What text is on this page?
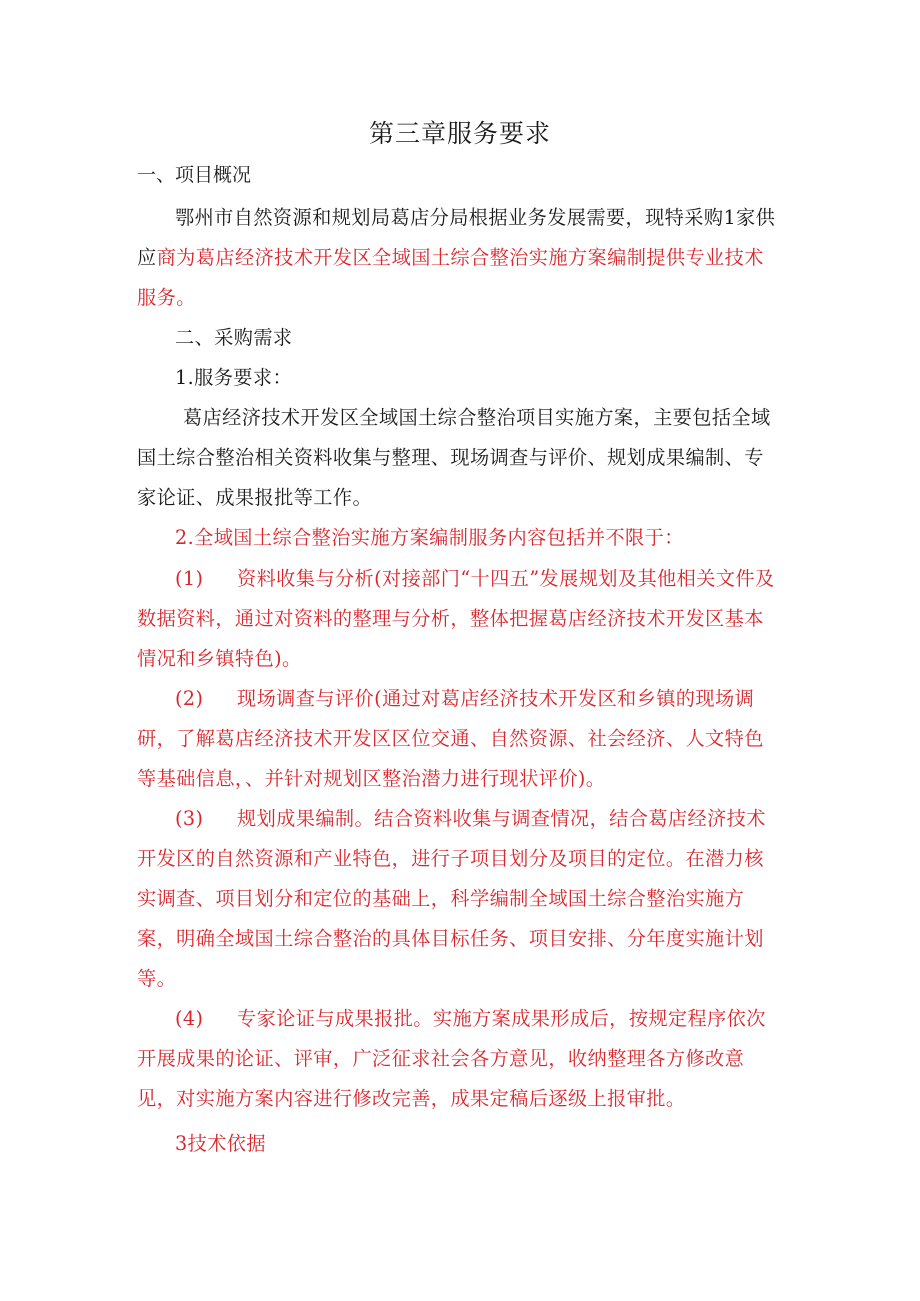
第三章服务要求
一、项目概况
鄂州市自然资源和规划局葛店分局根据业务发展需要，现特采购1家供应商为葛店经济技术开发区全域国土综合整治实施方案编制提供专业技术服务。
二、采购需求
1.服务要求：
葛店经济技术开发区全域国土综合整治项目实施方案，主要包括全域国土综合整治相关资料收集与整理、现场调查与评价、规划成果编制、专家论证、成果报批等工作。
2.全域国土综合整治实施方案编制服务内容包括并不限于：
(1) 资料收集与分析(对接部门“十四五”发展规划及其他相关文件及数据资料，通过对资料的整理与分析，整体把握葛店经济技术开发区基本情况和乡镇特色)。
(2) 现场调查与评价(通过对葛店经济技术开发区和乡镇的现场调研，了解葛店经济技术开发区区位交通、自然资源、社会经济、人文特色等基础信息，、并针对规划区整治潜力进行现状评价)。
(3) 规划成果编制。结合资料收集与调查情况，结合葛店经济技术开发区的自然资源和产业特色，进行子项目划分及项目的定位。在潜力核实调查、项目划分和定位的基础上，科学编制全域国土综合整治实施方案，明确全域国土综合整治的具体目标任务、项目安排、分年度实施计划等。
(4) 专家论证与成果报批。实施方案成果形成后，按规定程序依次开展成果的论证、评审，广泛征求社会各方意见，收纳整理各方修改意见，对实施方案内容进行修改完善，成果定稿后逐级上报审批。
3技术依据
